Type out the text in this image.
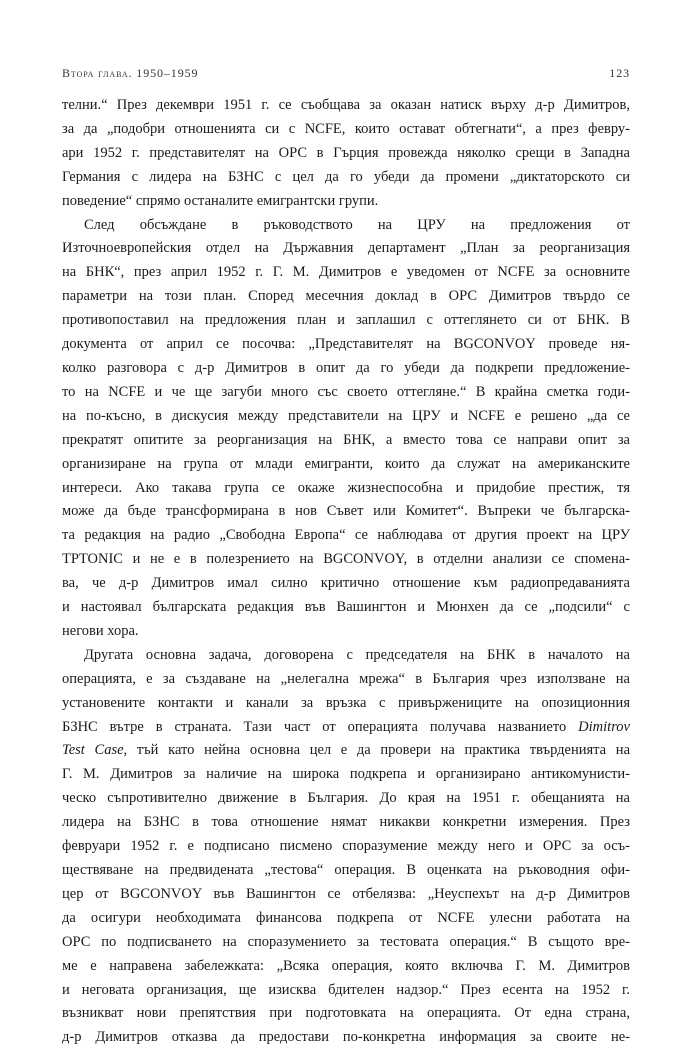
Втора глава. 1950–1959	123
телни.“ През декември 1951 г. се съобщава за оказан натиск върху д-р Димитров,
за да „подобри отношенията си с NCFE, които остават обтегнати“, а през февру-
ари 1952 г. представителят на ОРС в Гърция провежда няколко срещи в Западна
Германия с лидера на БЗНС с цел да го убеди да промени „диктаторското си
поведение“ спрямо останалите емигрантски групи.
След обсъждане в ръководството на ЦРУ на предложения от
Източноевропейския отдел на Държавния департамент „План за реорганизация
на БНК“, през април 1952 г. Г. М. Димитров е уведомен от NCFE за основните
параметри на този план. Според месечния доклад в ОРС Димитров твърдо се
противопоставил на предложения план и заплашил с оттеглянето си от БНК. В
документа от април се посочва: „Представителят на BGCONVOY проведе ня-
колко разговора с д-р Димитров в опит да го убеди да подкрепи предложение-
то на NCFE и че ще загуби много със своето оттегляне.“ В крайна сметка годи-
на по-късно, в дискусия между представители на ЦРУ и NCFE е решено „да се
прекратят опитите за реорганизация на БНК, а вместо това се направи опит за
организиране на група от млади емигранти, които да служат на американските
интереси. Ако такава група се окаже жизнеспособна и придобие престиж, тя
може да бъде трансформирана в нов Съвет или Комитет“. Въпреки че българска-
та редакция на радио „Свободна Европа“ се наблюдава от другия проект на ЦРУ
TPTONIC и не е в полезрението на BGCONVOY, в отделни анализи се спомена-
ва, че д-р Димитров имал силно критично отношение към радиопредаванията
и настоявал българската редакция във Вашингтон и Мюнхен да се „подсили“ с
негови хора.
Другата основна задача, договорена с председателя на БНК в началото на
операцията, е за създаване на „нелегална мрежа“ в България чрез използване на
установените контакти и канали за връзка с привържениците на опозиционния
БЗНС вътре в страната. Тази част от операцията получава названието Dimitrov
Test Case, тъй като нейна основна цел е да провери на практика твърденията на
Г. М. Димитров за наличие на широка подкрепа и организирано антикомунисти-
ческо съпротивително движение в България. До края на 1951 г. обещанията на
лидера на БЗНС в това отношение нямат никакви конкретни измерения. През
февруари 1952 г. е подписано писмено споразумение между него и ОРС за осъ-
ществяване на предвидената „тестова“ операция. В оценката на ръководния офи-
цер от BGCONVOY във Вашингтон се отбелязва: „Неуспехът на д-р Димитров
да осигури необходимата финансова подкрепа от NCFE улесни работата на
ОРС по подписването на споразумението за тестовата операция.“ В същото вре-
ме е направена забележката: „Всяка операция, която включва Г. М. Димитров
и неговата организация, ще изисква бдителен надзор.“ През есента на 1952 г.
възникват нови препятствия при подготовката на операцията. От една страна,
д-р Димитров отказва да предостави по-конкретна информация за своите не-
